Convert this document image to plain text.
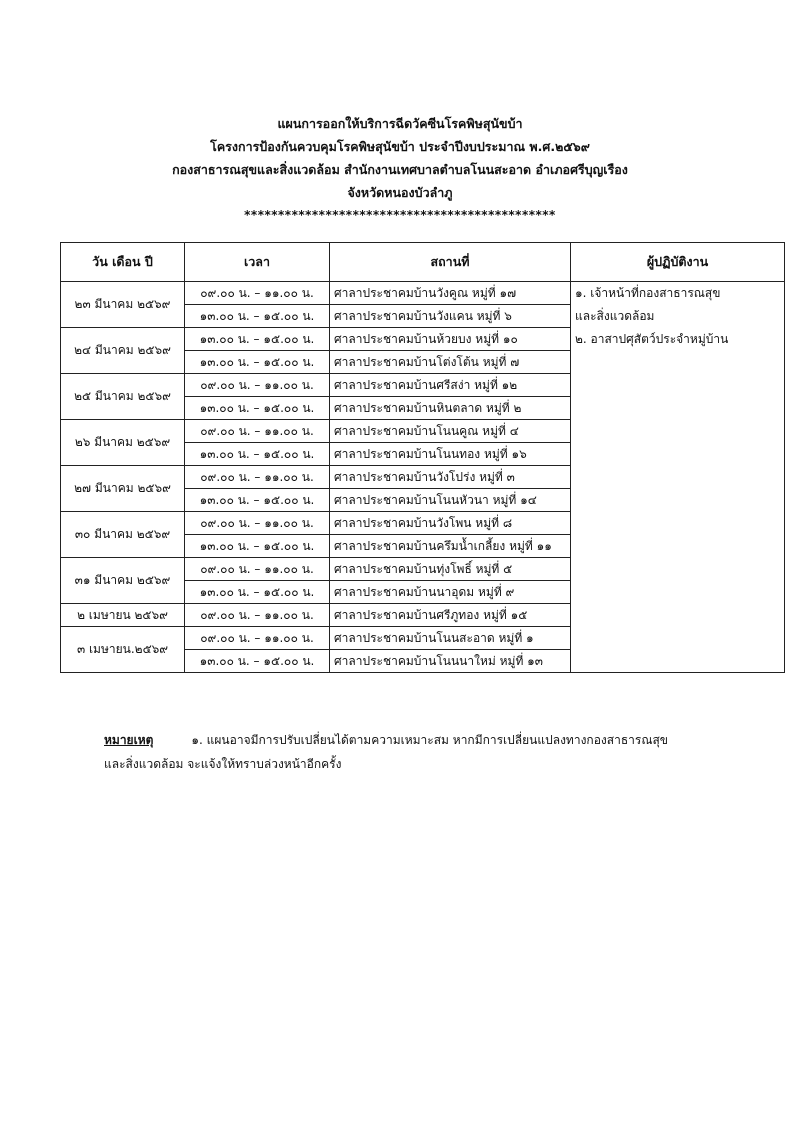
แผนการออกให้บริการฉีดวัคซีนโรคพิษสุนัขบ้า
โครงการป้องกันควบคุมโรคพิษสุนัขบ้า ประจำปีงบประมาณ พ.ศ.๒๕๖๙
กองสาธารณสุขและสิ่งแวดล้อม สำนักงานเทศบาลตำบลโนนสะอาด อำเภอศรีบุญเรือง
จังหวัดหนองบัวลำภู
**********************************************
วัน เดือน ปี	เวลา	สถานที่	ผู้ปฏิบัติงาน
๒๓ มีนาคม ๒๕๖๙	๐๙.๐๐ น. – ๑๑.๐๐ น.	ศาลาประชาคมบ้านวังคูณ หมู่ที่ ๑๗	๑. เจ้าหน้าที่กองสาธารณสุข
และสิ่งแวดล้อม
๒. อาสาปศุสัตว์ประจำหมู่บ้าน

	๑๓.๐๐ น. – ๑๕.๐๐ น.	ศาลาประชาคมบ้านวังแคน หมู่ที่ ๖	
๒๔ มีนาคม ๒๕๖๙	๑๓.๐๐ น. – ๑๕.๐๐ น.	ศาลาประชาคมบ้านห้วยบง หมู่ที่ ๑๐	
	๑๓.๐๐ น. – ๑๕.๐๐ น.	ศาลาประชาคมบ้านโต่งโต้น หมู่ที่ ๗	
๒๕ มีนาคม ๒๕๖๙	๐๙.๐๐ น. – ๑๑.๐๐ น.	ศาลาประชาคมบ้านศรีสง่า หมู่ที่ ๑๒	
	๑๓.๐๐ น. – ๑๕.๐๐ น.	ศาลาประชาคมบ้านหินตลาด หมู่ที่ ๒	
๒๖ มีนาคม ๒๕๖๙	๐๙.๐๐ น. – ๑๑.๐๐ น.	ศาลาประชาคมบ้านโนนคูณ หมู่ที่ ๔	
	๑๓.๐๐ น. – ๑๕.๐๐ น.	ศาลาประชาคมบ้านโนนทอง หมู่ที่ ๑๖	
๒๗ มีนาคม ๒๕๖๙	๐๙.๐๐ น. – ๑๑.๐๐ น.	ศาลาประชาคมบ้านวังโปร่ง หมู่ที่ ๓	
	๑๓.๐๐ น. – ๑๕.๐๐ น.	ศาลาประชาคมบ้านโนนหัวนา หมู่ที่ ๑๔	
๓๐ มีนาคม ๒๕๖๙	๐๙.๐๐ น. – ๑๑.๐๐ น.	ศาลาประชาคมบ้านวังโพน หมู่ที่ ๘	
	๑๓.๐๐ น. – ๑๕.๐๐ น.	ศาลาประชาคมบ้านครึมน้ำเกลี้ยง หมู่ที่ ๑๑	
๓๑ มีนาคม ๒๕๖๙	๐๙.๐๐ น. – ๑๑.๐๐ น.	ศาลาประชาคมบ้านทุ่งโพธิ์ หมู่ที่ ๕	
	๑๓.๐๐ น. – ๑๕.๐๐ น.	ศาลาประชาคมบ้านนาอุดม หมู่ที่ ๙	
๒ เมษายน ๒๕๖๙	๐๙.๐๐ น. – ๑๑.๐๐ น.	ศาลาประชาคมบ้านศรีภูทอง หมู่ที่ ๑๕	
๓ เมษายน.๒๕๖๙	๐๙.๐๐ น. – ๑๑.๐๐ น.	ศาลาประชาคมบ้านโนนสะอาด หมู่ที่ ๑	
	๑๓.๐๐ น. – ๑๕.๐๐ น.	ศาลาประชาคมบ้านโนนนาใหม่ หมู่ที่ ๑๓	
หมายเหตุ	๑. แผนอาจมีการปรับเปลี่ยนได้ตามความเหมาะสม หากมีการเปลี่ยนแปลงทางกองสาธารณสุข
และสิ่งแวดล้อม จะแจ้งให้ทราบล่วงหน้าอีกครั้ง
